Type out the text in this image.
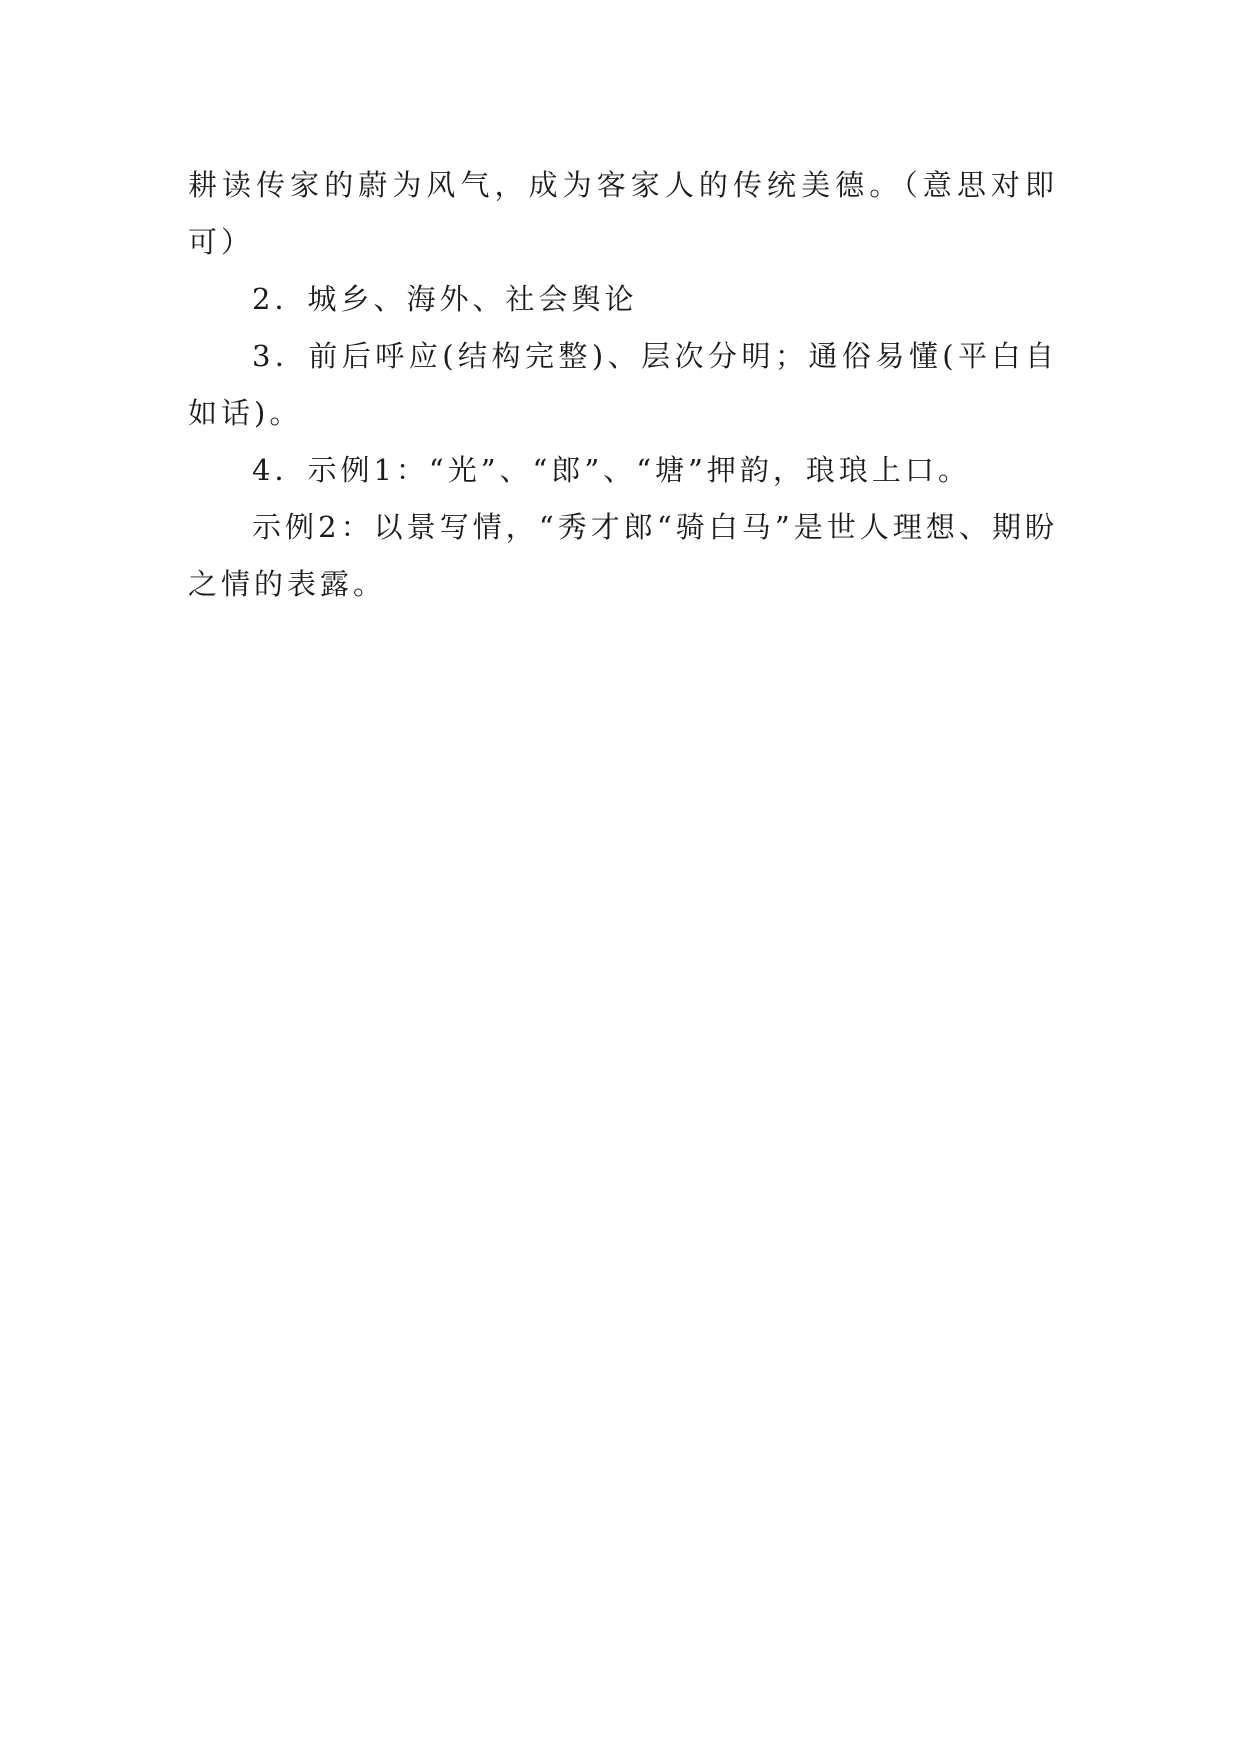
耕读传家的蔚为风气，成为客家人的传统美德。（意思对即可）

2．城乡、海外、社会舆论

3．前后呼应(结构完整)、层次分明；通俗易懂(平白自如话)。

4．示例1：“光”、“郎”、“塘”押韵，琅琅上口。

示例2：以景写情，“秀才郎“骑白马”是世人理想、期盼之情的表露。
